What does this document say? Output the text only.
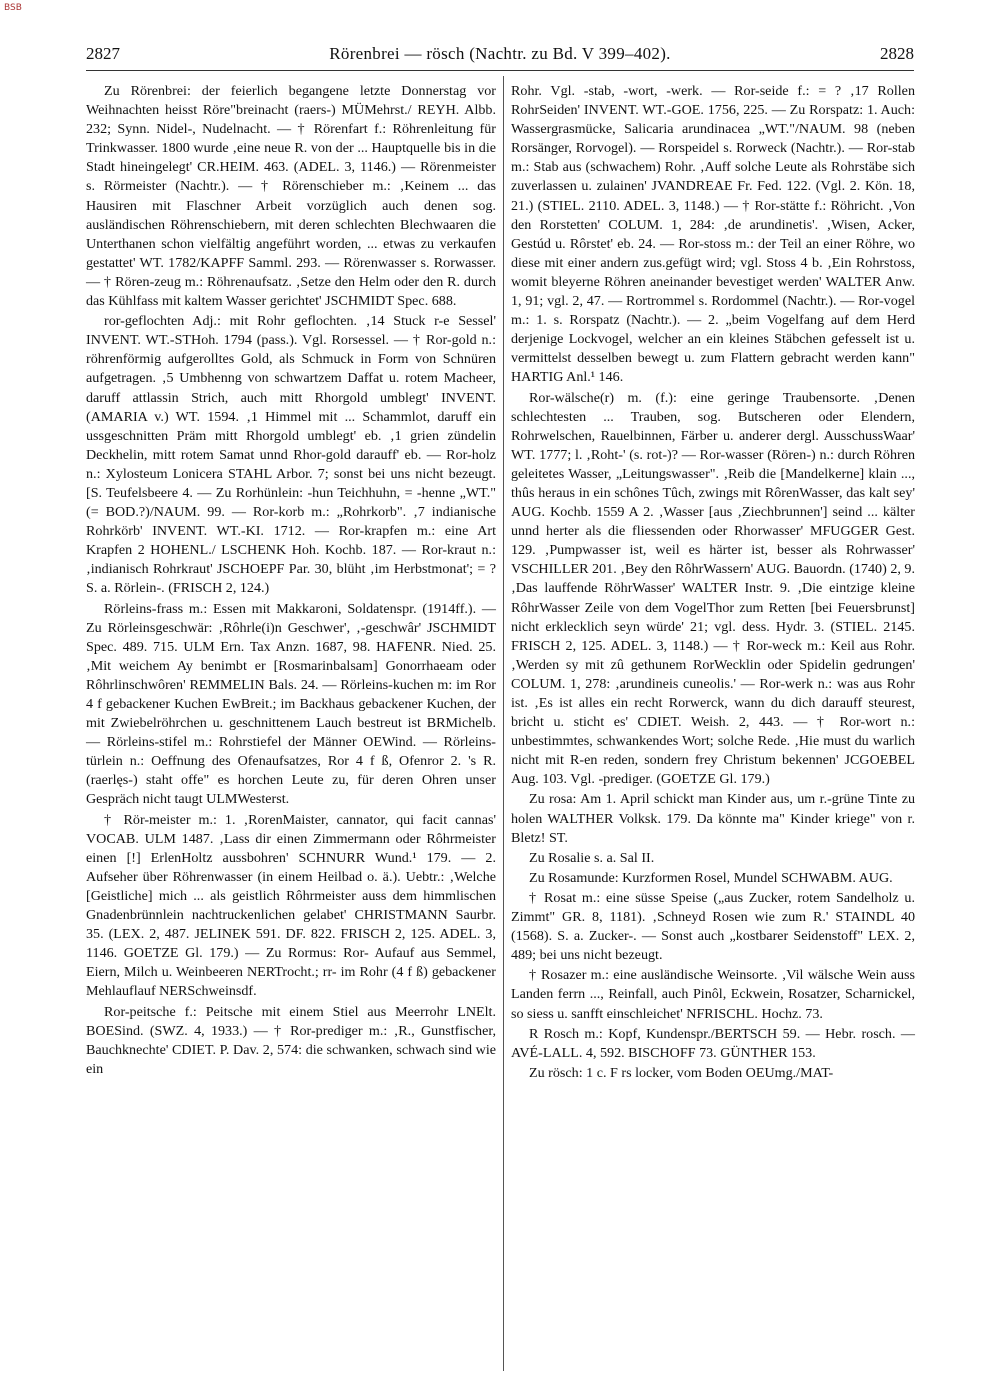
BSB
2827	Rörenbrei — rösch (Nachtr. zu Bd. V 399–402).	2828

Zu Rörenbrei: der feierlich begangene letzte Donnerstag vor Weihnachten heisst Röre"breinacht (raers-) MÜMehrst./ REYH. Albb. 232; Synn. Nidel-, Nudelnacht. — † Rörenfart f.: Röhrenleitung für Trinkwasser. 1800 wurde ‚eine neue R. von der ... Hauptquelle bis in die Stadt hineingelegt' CR.HEIM. 463. (ADEL. 3, 1146.) — Rörenmeister s. Rörmeister (Nachtr.). — † Rörenschieber m.: ‚Keinem ... das Hausiren mit Flaschner Arbeit vorzüglich auch denen sog. ausländischen Röhrenschiebern, mit deren schlechten Blechwaaren die Unterthanen schon vielfältig angeführt worden, ... etwas zu verkaufen gestattet' WT. 1782/KAPFF Samml. 293. — Rörenwasser s. Rorwasser. — † Rören-zeug m.: Röhrenaufsatz. ‚Setze den Helm oder den R. durch das Kühlfass mit kaltem Wasser gerichtet' JSCHMIDT Spec. 688.

ror-geflochten Adj.: mit Rohr geflochten. ‚14 Stuck r-e Sessel' INVENT. WT.-STHoh. 1794 (pass.). Vgl. Rorsessel. — † Ror-gold n.: röhrenförmig aufgerolltes Gold, als Schmuck in Form von Schnüren aufgetragen. ‚5 Umbhenng von schwartzem Daffat u. rotem Macheer, daruff attlassin Strich, auch mitt Rhorgold umblegt' INVENT. (AMARIA v.) WT. 1594. ‚1 Himmel mit ... Schammlot, daruff ein ussgeschnitten Präm mitt Rhorgold umblegt' eb. ‚1 grien zündelin Deckhelin, mitt rotem Samat unnd Rhor-gold darauff' eb. — Ror-holz n.: Xylosteum Lonicera STAHL Arbor. 7; sonst bei uns nicht bezeugt. [S. Teufelsbeere 4. — Zu Rorhünlein: -hun Teichhuhn, = -henne „WT." (= BOD.?)/NAUM. 99. — Ror-korb m.: „Rohrkorb". ‚7 indianische Rohrkörb' INVENT. WT.-KI. 1712. — Ror-krapfen m.: eine Art Krapfen 2 HOHENL./ LSCHENK Hoh. Kochb. 187. — Ror-kraut n.: ‚indianisch Rohrkraut' JSCHOEPF Par. 30, blüht ‚im Herbstmonat'; = ? S. a. Rörlein-. (FRISCH 2, 124.)

Rörleins-frass m.: Essen mit Makkaroni, Soldatenspr. (1914ff.). — Zu Rörleinsgeschwär: ‚Rôhrle(i)n Geschwer', ‚-geschwâr' JSCHMIDT Spec. 489. 715. ULM Ern. Tax Anzn. 1687, 98. HAFENR. Nied. 25. ‚Mit weichem Ay benimbt er [Rosmarinbalsam] Gonorrhaeam oder Rôhrlinschwôren' REMMELIN Bals. 24. — Rörleins-kuchen m: im Ror 4 f gebackener Kuchen EwBreit.; im Backhaus gebackener Kuchen, der mit Zwiebelröhrchen u. geschnittenem Lauch bestreut ist BRMichelb. — Rörleins-stifel m.: Rohrstiefel der Männer OEWind. — Rörleins-türlein n.: Oeffnung des Ofenaufsatzes, Ror 4 f ß, Ofenror 2. 's R. (raerlęs-) staht offe" es horchen Leute zu, für deren Ohren unser Gespräch nicht taugt ULMWesterst.

† Rör-meister m.: 1. ‚RorenMaister, cannator, qui facit cannas' VOCAB. ULM 1487. ‚Lass dir einen Zimmermann oder Rôhrmeister einen [!] ErlenHoltz aussbohren' SCHNURR Wund.¹ 179. — 2. Aufseher über Röhrenwasser (in einem Heilbad o. ä.). Uebtr.: ‚Welche [Geistliche] mich ... als geistlich Rôhrmeister auss dem himmlischen Gnadenbrünnlein nachtruckenlichen gelabet' CHRISTMANN Saurbr. 35. (LEX. 2, 487. JELINEK 591. DF. 822. FRISCH 2, 125. ADEL. 3, 1146. GOETZE Gl. 179.) — Zu Rormus: Ror- Aufauf aus Semmel, Eiern, Milch u. Weinbeeren NERTrocht.; rr- im Rohr (4 f ß) gebackener Mehlauflauf NERSchweinsdf.

Ror-peitsche f.: Peitsche mit einem Stiel aus Meerrohr LNElt. BOESind. (SWZ. 4, 1933.) — † Ror-prediger m.: ‚R., Gunstfischer, Bauchknechte' CDIET. P. Dav. 2, 574: die schwanken, schwach sind wie ein

Rohr. Vgl. -stab, -wort, -werk. — Ror-seide f.: = ? ‚17 Rollen RohrSeiden' INVENT. WT.-GOE. 1756, 225. — Zu Rorspatz: 1. Auch: Wassergrasmücke, Salicaria arundinacea „WT."/NAUM. 98 (neben Rorsänger, Rorvogel). — Rorspeidel s. Rorweck (Nachtr.). — Ror-stab m.: Stab aus (schwachem) Rohr. ‚Auff solche Leute als Rohrstäbe sich zuverlassen u. zulainen' JVANDREAE Fr. Fed. 122. (Vgl. 2. Kön. 18, 21.) (STIEL. 2110. ADEL. 3, 1148.) — † Ror-stätte f.: Röhricht. ‚Von den Rorstetten' COLUM. 1, 284: ‚de arundinetis'. ‚Wisen, Acker, Gestúd u. Rôrstet' eb. 24. — Ror-stoss m.: der Teil an einer Röhre, wo diese mit einer andern zus.gefügt wird; vgl. Stoss 4 b. ‚Ein Rohrstoss, womit bleyerne Röhren aneinander bevestiget werden' WALTER Anw. 1, 91; vgl. 2, 47. — Rortrommel s. Rordommel (Nachtr.). — Ror-vogel m.: 1. s. Rorspatz (Nachtr.). — 2. „beim Vogelfang auf dem Herd derjenige Lockvogel, welcher an ein kleines Stäbchen gefesselt ist u. vermittelst desselben bewegt u. zum Flattern gebracht werden kann" HARTIG Anl.¹ 146.

Ror-wälsche(r) m. (f.): eine geringe Traubensorte. ‚Denen schlechtesten ... Trauben, sog. Butscheren oder Elendern, Rohrwelschen, Rauelbinnen, Färber u. anderer dergl. AusschussWaar' WT. 1777; l. ‚Roht-' (s. rot-)? — Ror-wasser (Rören-) n.: durch Röhren geleitetes Wasser, „Leitungswasser". ‚Reib die [Mandelkerne] klain ..., thûs heraus in ein schônes Tûch, zwings mit RôrenWasser, das kalt sey' AUG. Kochb. 1559 A 2. ‚Wasser [aus ‚Ziechbrunnen'] seind ... kälter unnd herter als die fliessenden oder Rhorwasser' MFUGGER Gest. 129. ‚Pumpwasser ist, weil es härter ist, besser als Rohrwasser' VSCHILLER 201. ‚Bey den RôhrWassern' AUG. Bauordn. (1740) 2, 9. ‚Das lauffende RöhrWasser' WALTER Instr. 9. ‚Die eintzige kleine RôhrWasser Zeile von dem VogelThor zum Retten [bei Feuersbrunst] nicht erklecklich seyn würde' 21; vgl. dess. Hydr. 3. (STIEL. 2145. FRISCH 2, 125. ADEL. 3, 1148.) — † Ror-weck m.: Keil aus Rohr. ‚Werden sy mit zû gethunem RorWecklin oder Spidelin gedrungen' COLUM. 1, 278: ‚arundineis cuneolis.' — Ror-werk n.: was aus Rohr ist. ‚Es ist alles ein recht Rorwerck, wann du dich darauff steurest, bricht u. sticht es' CDIET. Weish. 2, 443. — † Ror-wort n.: unbestimmtes, schwankendes Wort; solche Rede. ‚Hie must du warlich nicht mit R-en reden, sondern frey Christum bekennen' JCGOEBEL Aug. 103. Vgl. -prediger. (GOETZE Gl. 179.)

Zu rosa: Am 1. April schickt man Kinder aus, um r.-grüne Tinte zu holen WALTHER Volksk. 179. Da könnte ma" Kinder kriege" von r. Bletz! ST.

Zu Rosalie s. a. Sal II.

Zu Rosamunde: Kurzformen Rosel, Mundel SCHWABM. AUG.

† Rosat m.: eine süsse Speise („aus Zucker, rotem Sandelholz u. Zimmt" GR. 8, 1181). ‚Schneyd Rosen wie zum R.' STAINDL 40 (1568). S. a. Zucker-. — Sonst auch „kostbarer Seidenstoff" LEX. 2, 489; bei uns nicht bezeugt.

† Rosazer m.: eine ausländische Weinsorte. ‚Vil wälsche Wein auss Landen ferrn ..., Reinfall, auch Pinôl, Eckwein, Rosatzer, Scharnickel, so siess u. sanfft einschleichet' NFRISCHL. Hochz. 73.

R Rosch m.: Kopf, Kundenspr./BERTSCH 59. — Hebr. rosch. — AVÉ-LALL. 4, 592. BISCHOFF 73. GÜNTHER 153.

Zu rösch: 1 c. F rs locker, vom Boden OEUmg./MAT-
